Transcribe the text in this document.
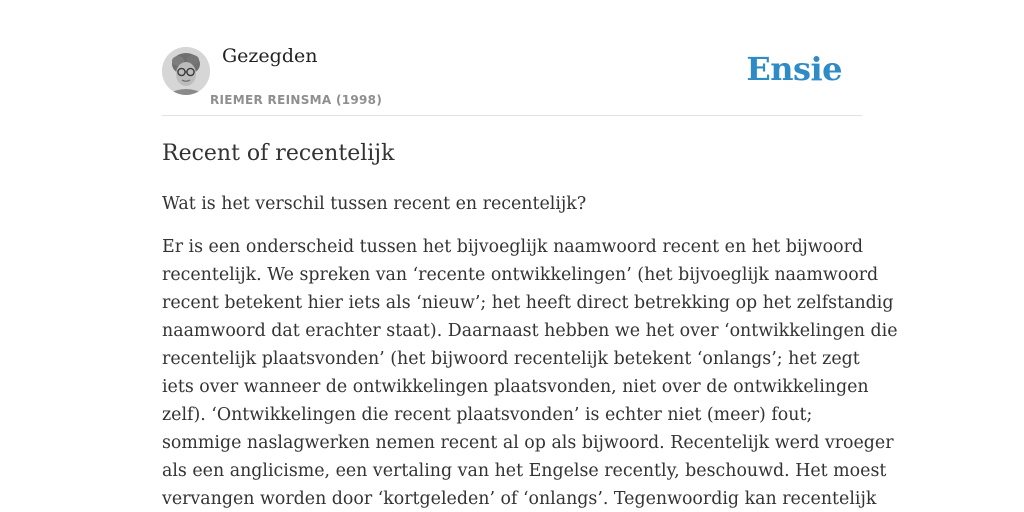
Gezegden
RIEMER REINSMA (1998)
Ensie
Recent of recentelijk

Wat is het verschil tussen recent en recentelijk?

Er is een onderscheid tussen het bijvoeglijk naamwoord recent en het bijwoord
recentelijk. We spreken van ‘recente ontwikkelingen’ (het bijvoeglijk naamwoord
recent betekent hier iets als ‘nieuw’; het heeft direct betrekking op het zelfstandig
naamwoord dat erachter staat). Daarnaast hebben we het over ‘ontwikkelingen die
recentelijk plaatsvonden’ (het bijwoord recentelijk betekent ‘onlangs’; het zegt
iets over wanneer de ontwikkelingen plaatsvonden, niet over de ontwikkelingen
zelf). ‘Ontwikkelingen die recent plaatsvonden’ is echter niet (meer) fout;
sommige naslagwerken nemen recent al op als bijwoord. Recentelijk werd vroeger
als een anglicisme, een vertaling van het Engelse recently, beschouwd. Het moest
vervangen worden door ‘kortgeleden’ of ‘onlangs’. Tegenwoordig kan recentelijk
